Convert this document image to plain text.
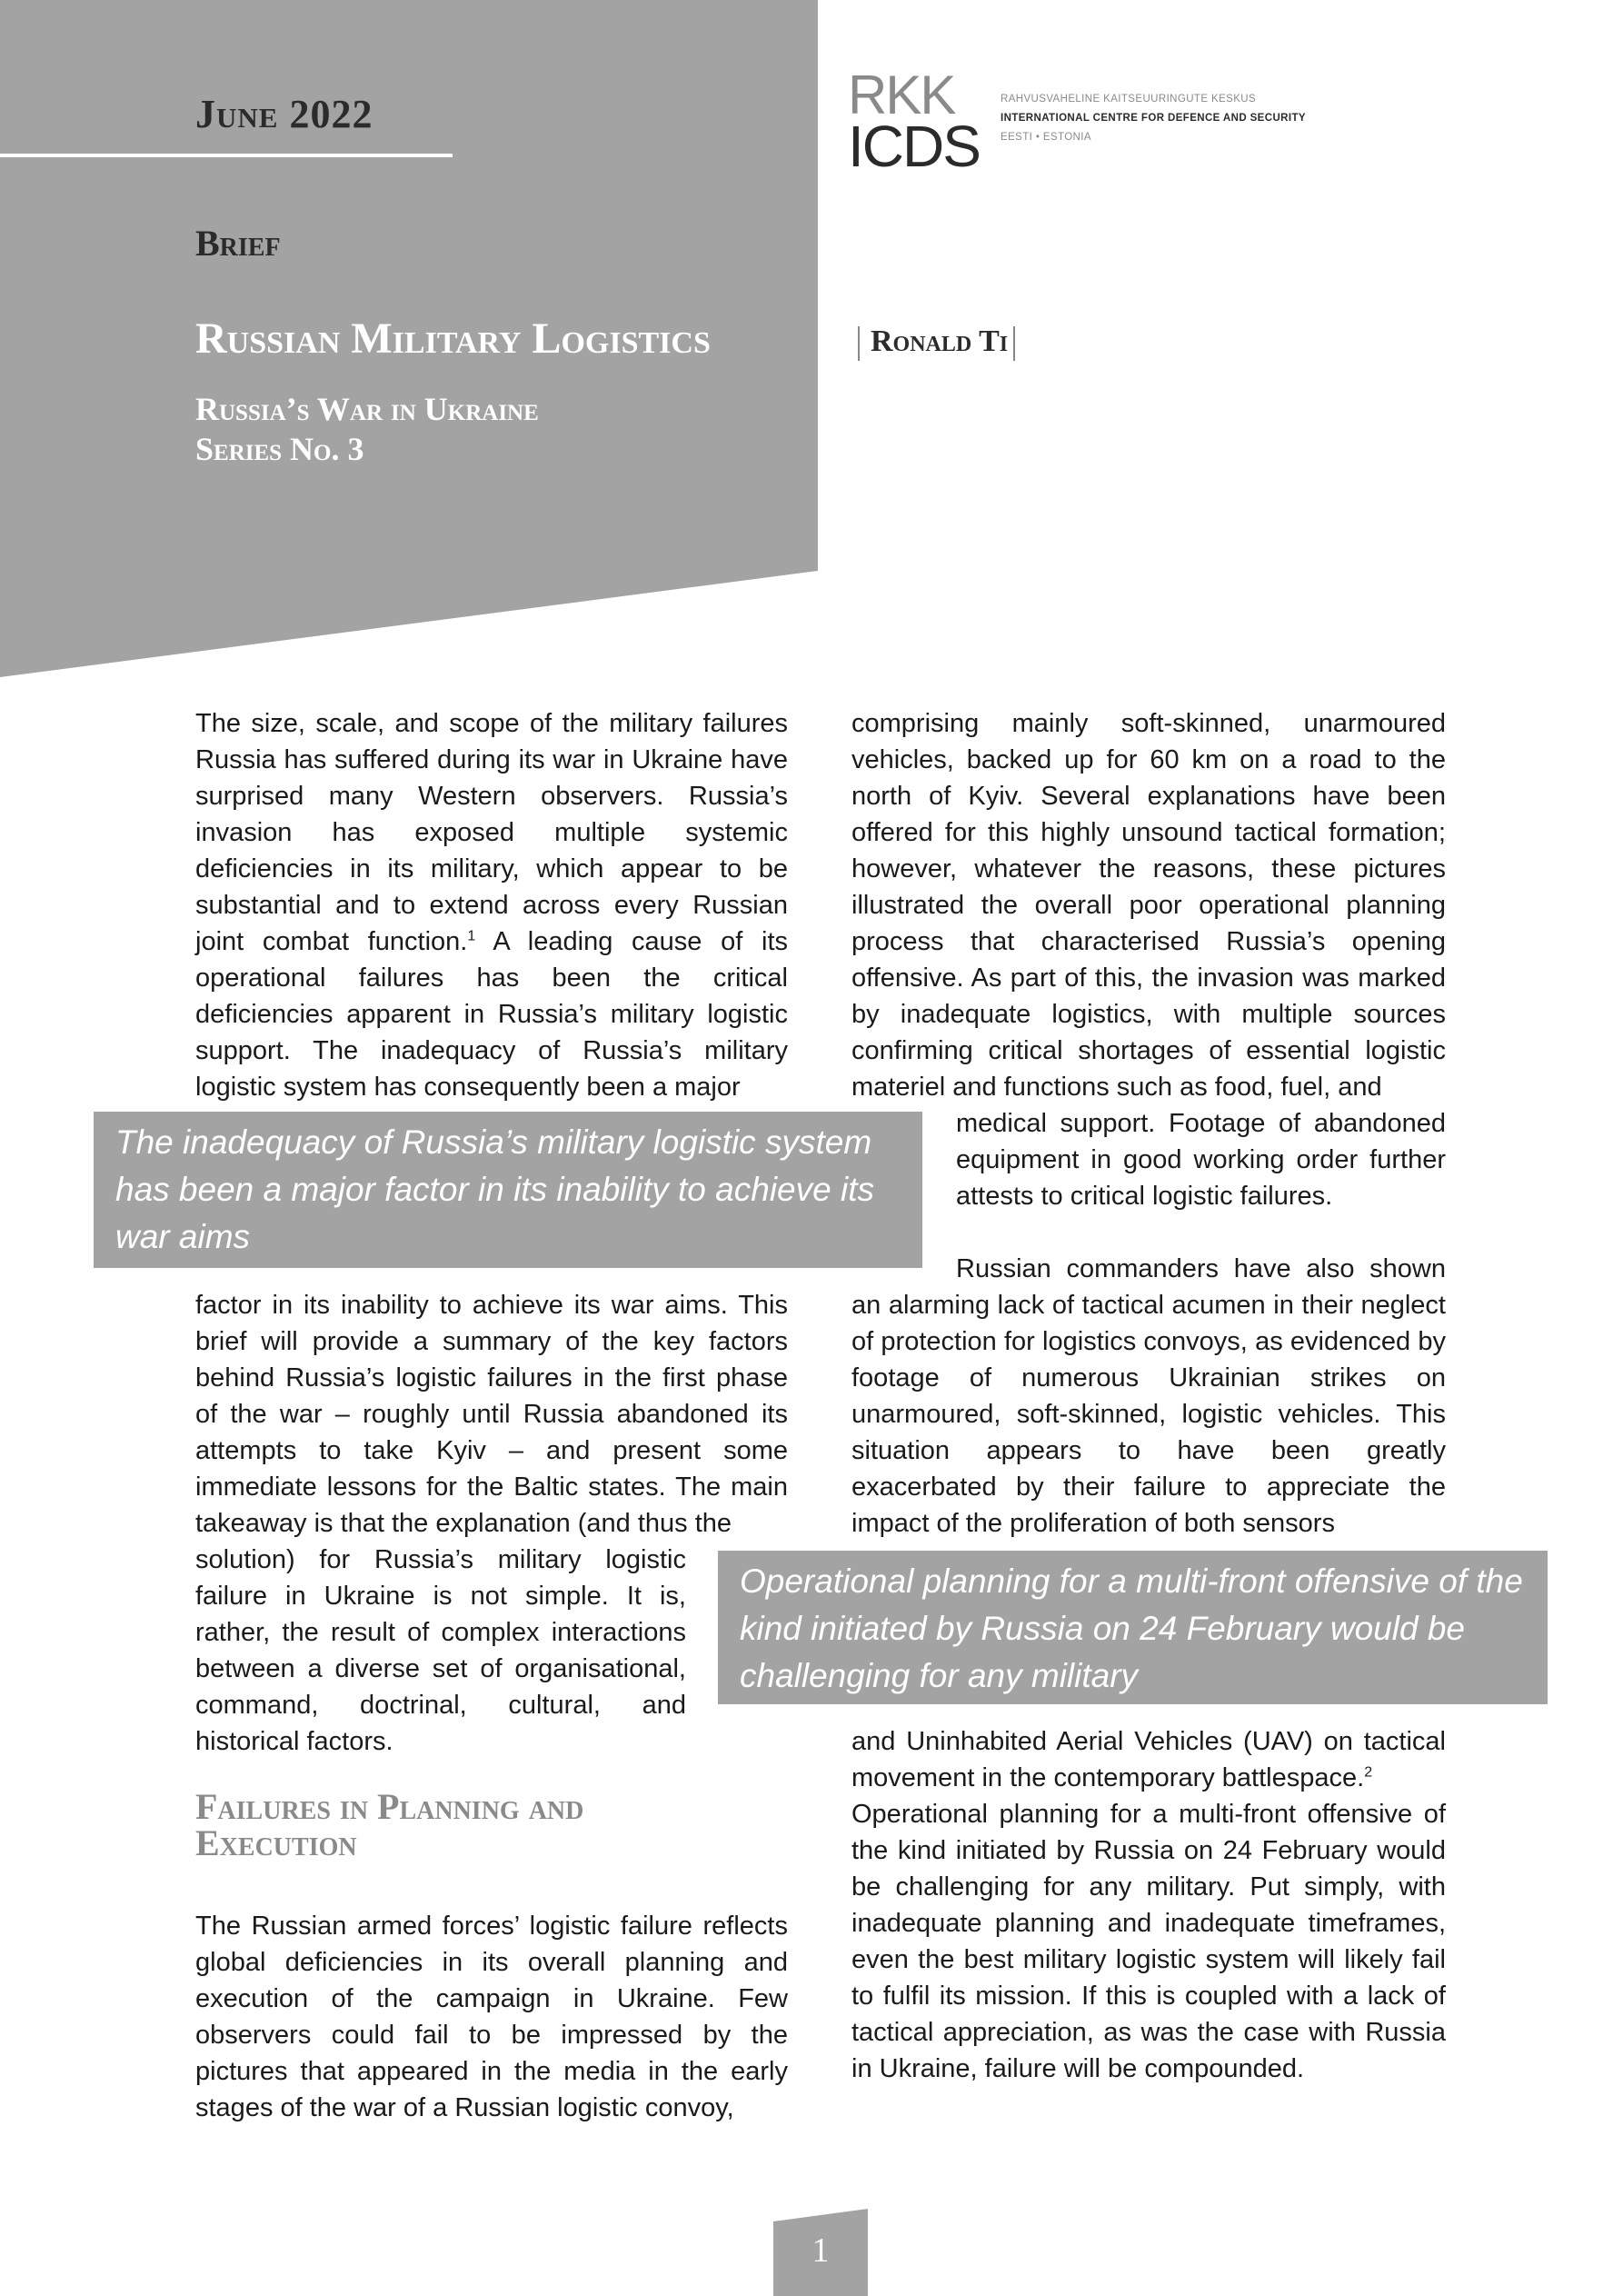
June 2022
Brief
Russian Military Logistics
Russia’s War in Ukraine
Series No. 3
Ronald Ti
RKK
ICDS
RAHVUSVAHELINE KAITSEUURINGUTE KESKUS
INTERNATIONAL CENTRE FOR DEFENCE AND SECURITY
EESTI • ESTONIA

The size, scale, and scope of the military failures Russia has suffered during its war in Ukraine have surprised many Western observers. Russia’s invasion has exposed multiple systemic deficiencies in its military, which appear to be substantial and to extend across every Russian joint combat function.$^1$ A leading cause of its operational failures has been the critical deficiencies apparent in Russia’s military logistic support. The inadequacy of Russia’s military logistic system has consequently been a major

factor in its inability to achieve its war aims. This brief will provide a summary of the key factors behind Russia’s logistic failures in the first phase of the war – roughly until Russia abandoned its attempts to take Kyiv – and present some immediate lessons for the Baltic states. The main takeaway is that the explanation (and thus the

solution) for Russia’s military logistic failure in Ukraine is not simple. It is, rather, the result of complex interactions between a diverse set of organisational, command, doctrinal, cultural, and historical factors.

Failures in Planning and
Execution

The Russian armed forces’ logistic failure reflects global deficiencies in its overall planning and execution of the campaign in Ukraine. Few observers could fail to be impressed by the pictures that appeared in the media in the early stages of the war of a Russian logistic convoy,

comprising mainly soft-skinned, unarmoured vehicles, backed up for 60 km on a road to the north of Kyiv. Several explanations have been offered for this highly unsound tactical formation; however, whatever the reasons, these pictures illustrated the overall poor operational planning process that characterised Russia’s opening offensive. As part of this, the invasion was marked by inadequate logistics, with multiple sources confirming critical shortages of essential logistic materiel and functions such as food, fuel, and

medical support. Footage of abandoned equipment in good working order further attests to critical logistic failures.

Russian commanders have also shown an alarming lack of tactical acumen in their neglect of protection for logistics convoys, as evidenced by footage of numerous Ukrainian strikes on unarmoured, soft-skinned, logistic vehicles. This situation appears to have been greatly exacerbated by their failure to appreciate the impact of the proliferation of both sensors

and Uninhabited Aerial Vehicles (UAV) on tactical movement in the contemporary battlespace.$^2$

Operational planning for a multi-front offensive of the kind initiated by Russia on 24 February would be challenging for any military. Put simply, with inadequate planning and inadequate timeframes, even the best military logistic system will likely fail to fulfil its mission. If this is coupled with a lack of tactical appreciation, as was the case with Russia in Ukraine, failure will be compounded.

The inadequacy of Russia’s military logistic system has been a major factor in its inability to achieve its war aims
Operational planning for a multi-front offensive of the kind initiated by Russia on 24 February would be challenging for any military
1
